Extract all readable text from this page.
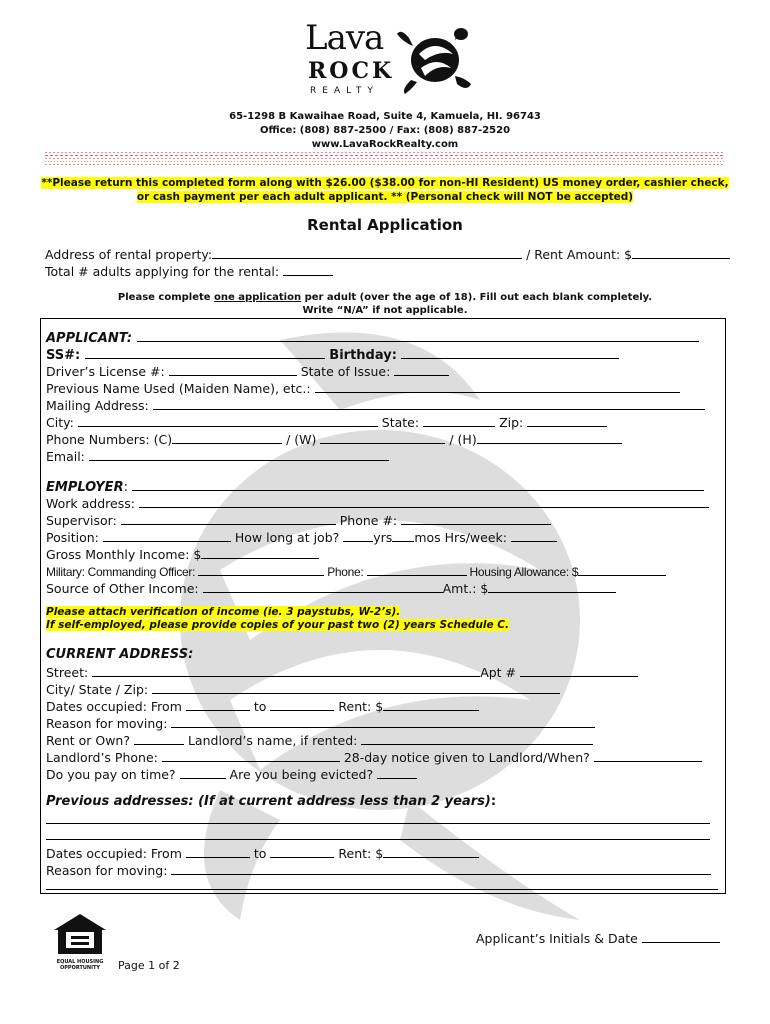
Lava
ROCK
REALTY
65-1298 B Kawaihae Road, Suite 4, Kamuela, HI. 96743
Office: (808) 887-2500 / Fax: (808) 887-2520
www.LavaRockRealty.com
**Please return this completed form along with $26.00 ($38.00 for non-HI Resident) US money order, cashier check,
or cash payment per each adult applicant. ** (Personal check will NOT be accepted)
Rental Application
Address of rental property:	/ Rent Amount: $
Total # adults applying for the rental:
Please complete one application per adult (over the age of 18). Fill out each blank completely.
Write “N/A” if not applicable.
APPLICANT:
SS#:	Birthday:
Driver’s License #:	State of Issue:
Previous Name Used (Maiden Name), etc.:
Mailing Address:
City:	State:	Zip:
Phone Numbers: (C)	/ (W)	/ (H)
Email:
EMPLOYER:
Work address:
Supervisor:	Phone #:
Position:	How long at job?	yrs mos Hrs/week:
Gross Monthly Income: $
Military: Commanding Officer:	Phone:	Housing Allowance: $
Source of Other Income:	Amt.: $
Please attach verification of income (ie. 3 paystubs, W-2’s).
If self-employed, please provide copies of your past two (2) years Schedule C.
CURRENT ADDRESS:
Street:	Apt #
City/ State / Zip:
Dates occupied: From	to	Rent: $
Reason for moving:
Rent or Own?	Landlord’s name, if rented:
Landlord’s Phone:	28-day notice given to Landlord/When?
Do you pay on time?	Are you being evicted?
Previous addresses: (If at current address less than 2 years):
Dates occupied: From	to	Rent: $
Reason for moving:
Applicant’s Initials & Date
EQUAL HOUSING
OPPORTUNITY	Page 1 of 2
